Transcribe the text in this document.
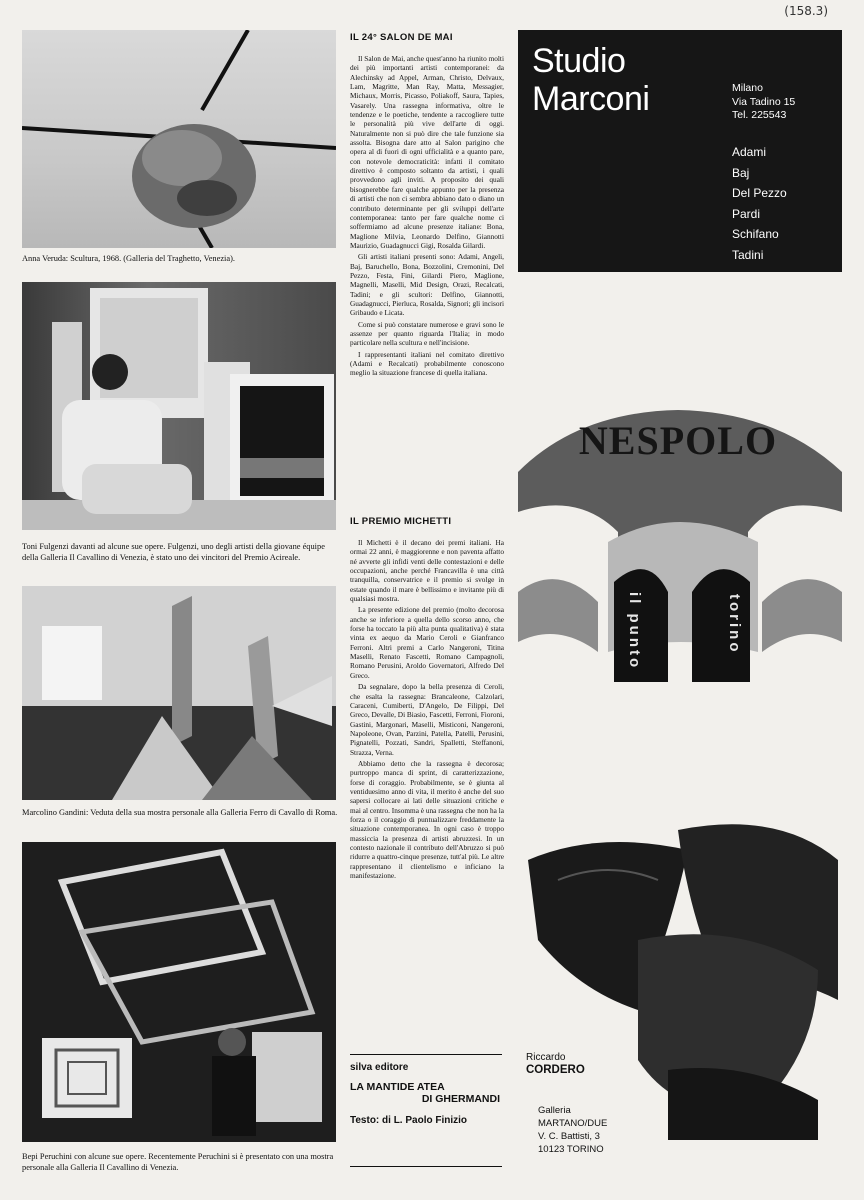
(158.3)
Anna Veruda: Scultura, 1968. (Galleria del Traghetto, Venezia).
Toni Fulgenzi davanti ad alcune sue opere. Fulgenzi, uno degli artisti della giovane équipe della Galleria Il Cavallino di Venezia, è stato uno dei vincitori del Premio Acireale.
Marcolino Gandini: Veduta della sua mostra personale alla Galleria Ferro di Cavallo di Roma.
Bepi Peruchini con alcune sue opere. Recentemente Peruchini si è presentato con una mostra personale alla Galleria Il Cavallino di Venezia.
IL 24° SALON DE MAI

Il Salon de Mai, anche quest'anno ha riunito molti dei più importanti artisti contemporanei: da Alechinsky ad Appel, Arman, Christo, Delvaux, Lam, Magritte, Man Ray, Matta, Messagier, Michaux, Morris, Picasso, Poliakoff, Saura, Tapies, Vasarely. Una rassegna informativa, oltre le tendenze e le poetiche, tendente a raccogliere tutte le personalità più vive dell'arte di oggi. Naturalmente non si può dire che tale funzione sia assolta. Bisogna dare atto al Salon parigino che opera al di fuori di ogni ufficialità e a quanto pare, con notevole democraticità: infatti il comitato direttivo è composto soltanto da artisti, i quali provvedono agli inviti. A proposito dei quali bisognerebbe fare qualche appunto per la presenza di artisti che non ci sembra abbiano dato o diano un contributo determinante per gli sviluppi dell'arte contemporanea: tanto per fare qualche nome ci soffermiamo ad alcune presenze italiane: Bona, Maglione Milvia, Leonardo Delfino, Giannotti Maurizio, Guadagnucci Gigi, Rosalda Gilardi.

Gli artisti italiani presenti sono: Adami, Angeli, Baj, Baruchello, Bona, Bozzolini, Cremonini, Del Pezzo, Festa, Fini, Gilardi Piero, Maglione, Magnelli, Maselli, Mid Design, Orazi, Recalcati, Tadini; e gli scultori: Delfino, Giannotti, Guadagnucci, Pierluca, Rosalda, Signori; gli incisori Gribaudo e Licata.

Come si può constatare numerose e gravi sono le assenze per quanto riguarda l'Italia; in modo particolare nella scultura e nell'incisione.

I rappresentanti italiani nel comitato direttivo (Adami e Recalcati) probabilmente conoscono meglio la situazione francese di quella italiana.

IL PREMIO MICHETTI

Il Michetti è il decano dei premi italiani. Ha ormai 22 anni, è maggiorenne e non paventa affatto né avverte gli infidi venti delle contestazioni e delle occupazioni, anche perché Francavilla è una città tranquilla, conservatrice e il premio si svolge in estate quando il mare è bellissimo e invitante più di qualsiasi mostra.

La presente edizione del premio (molto decorosa anche se inferiore a quella dello scorso anno, che forse ha toccato la più alta punta qualitativa) è stata vinta ex aequo da Mario Ceroli e Gianfranco Ferroni. Altri premi a Carlo Nangeroni, Titina Maselli, Renato Fascetti, Romano Campagnoli, Romano Perusini, Aroldo Governatori, Alfredo Del Greco.

Da segnalare, dopo la bella presenza di Ceroli, che esalta la rassegna: Brancaleone, Calzolari, Caraceni, Cumiberti, D'Angelo, De Filippi, Del Greco, Devalle, Di Biasio, Fascetti, Ferroni, Fioroni, Gastini, Margonari, Maselli, Misticoni, Nangeroni, Napoleone, Ovan, Parzini, Patella, Patelli, Perusini, Pignatelli, Pozzati, Sandri, Spalletti, Steffanoni, Strazza, Verna.

Abbiamo detto che la rassegna è decorosa; purtroppo manca di sprint, di caratterizzazione, forse di coraggio. Probabilmente, se è giunta al ventiduesimo anno di vita, il merito è anche del suo sapersi collocare ai lati delle situazioni critiche e mai al centro. Insomma è una rassegna che non ha la forza o il coraggio di puntualizzare freddamente la situazione contemporanea. In ogni caso è troppo massiccia la presenza di artisti abruzzesi. In un contesto nazionale il contributo dell'Abruzzo si può ridurre a quattro-cinque presenze, tutt'al più. Le altre rappresentano il clientelismo e inficiano la manifestazione.

silva editore
LA MANTIDE ATEA
DI GHERMANDI
Testo: di L. Paolo Finizio
Studio
Marconi	Milano
Via Tadino 15
Tel. 225543
Adami
Baj
Del Pezzo
Pardi
Schifano
Tadini
NESPOLO
il punto	torino
Riccardo
CORDERO
Galleria
MARTANO/DUE
V. C. Battisti, 3
10123 TORINO
